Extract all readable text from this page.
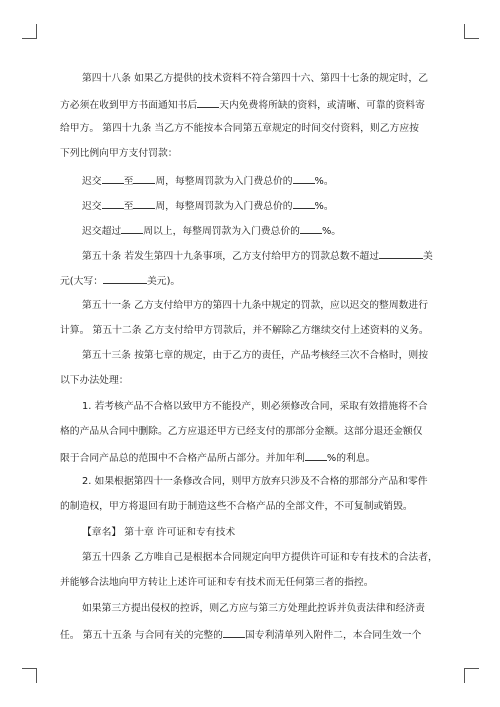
第四十八条 如果乙方提供的技术资料不符合第四十六、第四十七条的规定时，乙
方必须在收到甲方书面通知书后 天内免费将所缺的资料，或清晰、可靠的资料寄
给甲方。 第四十九条 当乙方不能按本合同第五章规定的时间交付资料，则乙方应按
下列比例向甲方支付罚款：
迟交 至 周，每整周罚款为入门费总价的 %。
迟交 至 周，每整周罚款为入门费总价的 %。
迟交超过 周以上，每整周罚款为入门费总价的 %。
第五十条 若发生第四十九条事项，乙方支付给甲方的罚款总数不超过	美
元(大写：	美元)。
第五十一条 乙方支付给甲方的第四十九条中规定的罚款，应以迟交的整周数进行
计算。 第五十二条 乙方支付给甲方罚款后，并不解除乙方继续交付上述资料的义务。
第五十三条 按第七章的规定，由于乙方的责任，产品考核经三次不合格时，则按
以下办法处理：
1. 若考核产品不合格以致甲方不能投产，则必须修改合同，采取有效措施将不合
格的产品从合同中删除。乙方应退还甲方已经支付的那部分金额。这部分退还金额仅
限于合同产品总的范围中不合格产品所占部分。并加年利 %的利息。
2. 如果根据第四十一条修改合同，则甲方放弃只涉及不合格的那部分产品和零件
的制造权，甲方将退回有助于制造这些不合格产品的全部文件，不可复制或销毁。
【章名】 第十章 许可证和专有技术
第五十四条 乙方唯自己是根据本合同规定向甲方提供许可证和专有技术的合法者，
并能够合法地向甲方转让上述许可证和专有技术而无任何第三者的指控。
如果第三方提出侵权的控诉，则乙方应与第三方处理此控诉并负责法律和经济责
任。 第五十五条 与合同有关的完整的 国专利清单列入附件二，本合同生效一个
